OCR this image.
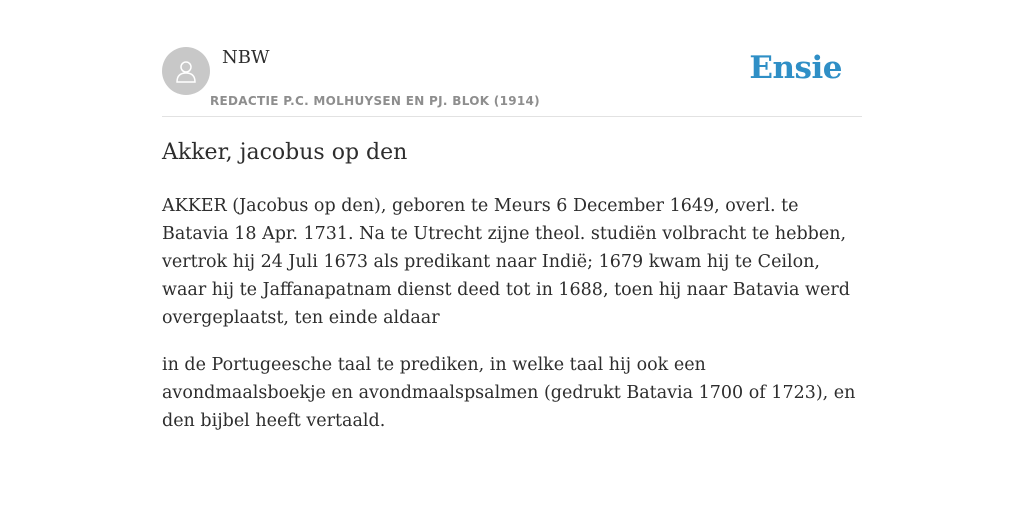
NBW
REDACTIE P.C. MOLHUYSEN EN PJ. BLOK (1914)
Ensie
Akker, jacobus op den

AKKER (Jacobus op den), geboren te Meurs 6 December 1649, overl. te Batavia 18 Apr. 1731. Na te Utrecht zijne theol. studiën volbracht te hebben, vertrok hij 24 Juli 1673 als predikant naar Indië; 1679 kwam hij te Ceilon, waar hij te Jaffanapatnam dienst deed tot in 1688, toen hij naar Batavia werd overgeplaatst, ten einde aldaar

in de Portugeesche taal te prediken, in welke taal hij ook een avondmaalsboekje en avondmaalspsalmen (gedrukt Batavia 1700 of 1723), en den bijbel heeft vertaald.
